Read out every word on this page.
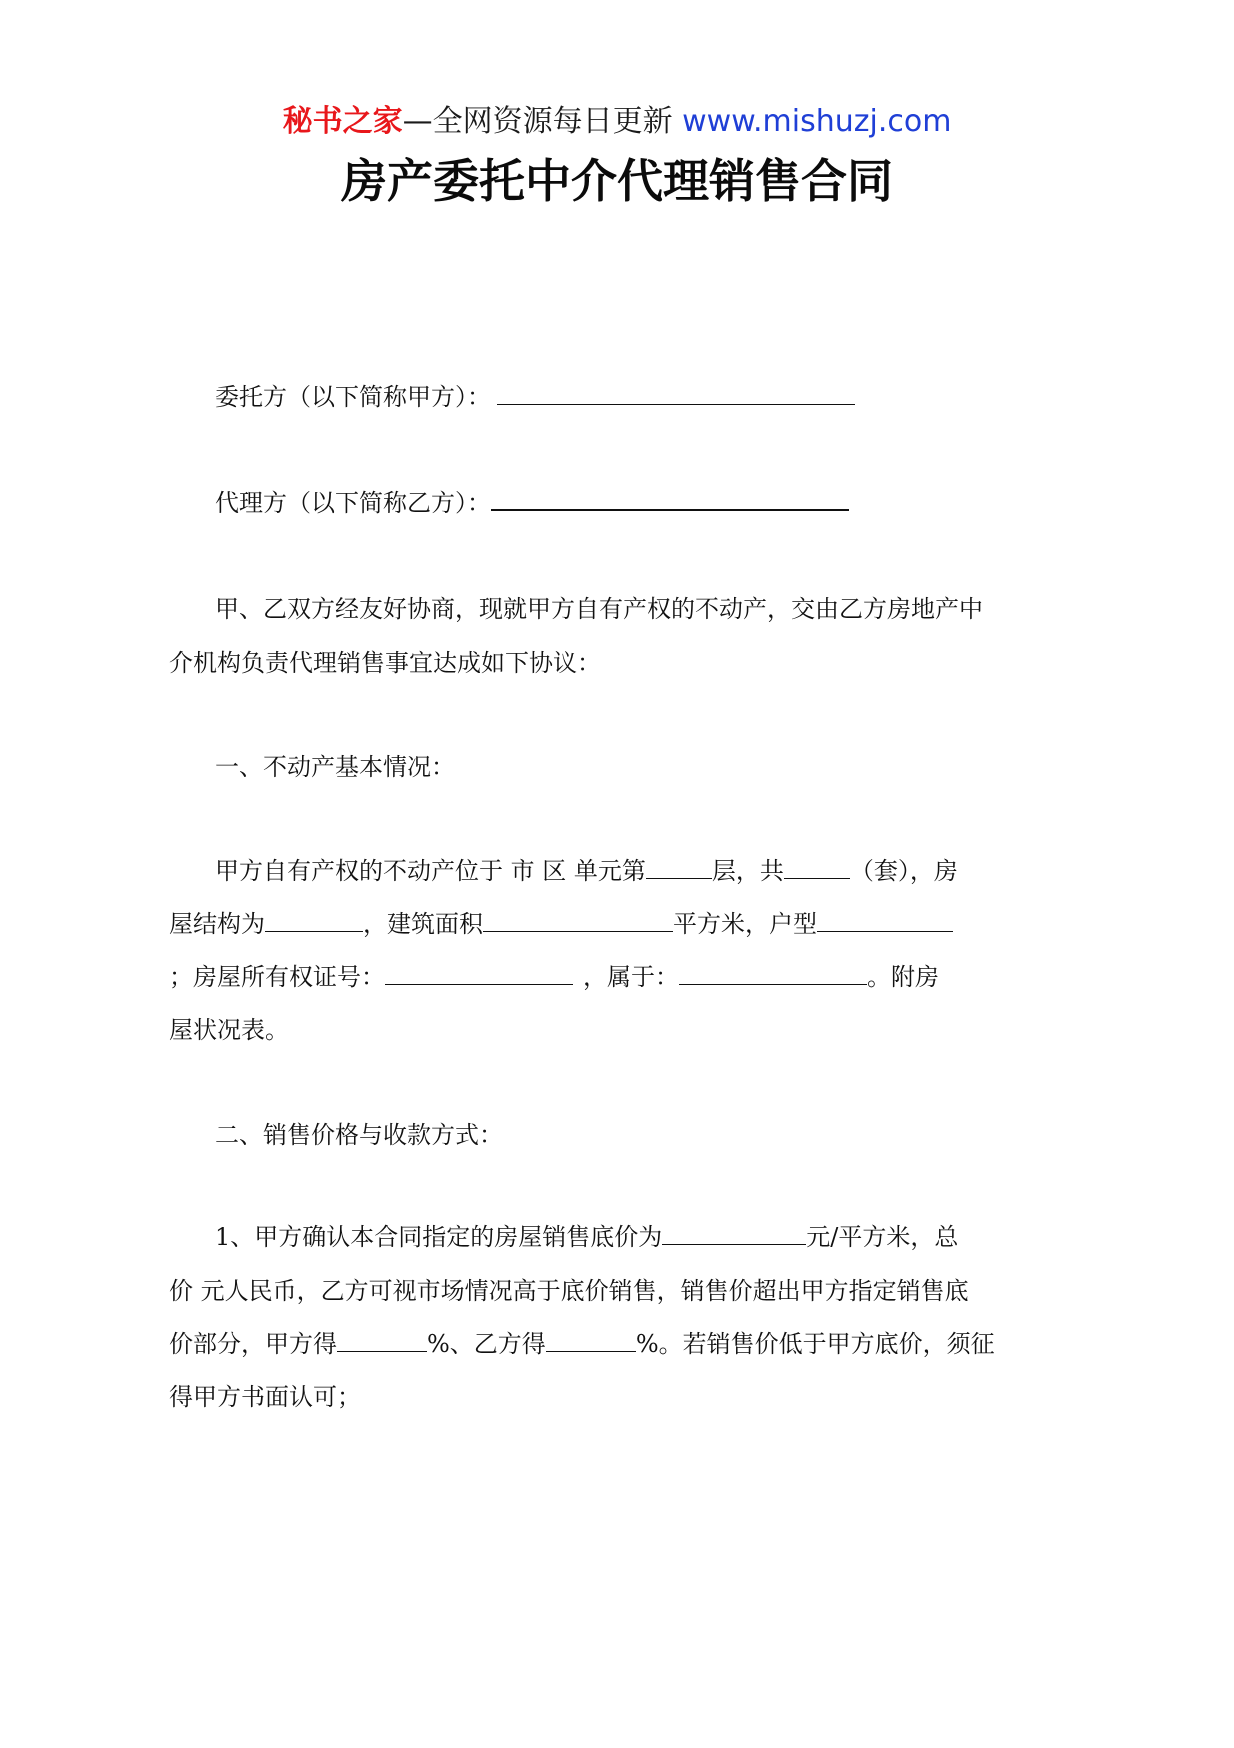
秘书之家—全网资源每日更新 www.mishuzj.com
房产委托中介代理销售合同
委托方（以下简称甲方）：
代理方（以下简称乙方）：
甲、乙双方经友好协商，现就甲方自有产权的不动产，交由乙方房地产中
介机构负责代理销售事宜达成如下协议：
一、不动产基本情况：
甲方自有产权的不动产位于 市 区 单元第	层，共	（套），房
屋结构为	，建筑面积	平方米，户型
；房屋所有权证号：	，属于：	。附房
屋状况表。
二、销售价格与收款方式：
1、甲方确认本合同指定的房屋销售底价为	元/平方米，总
价 元人民币，乙方可视市场情况高于底价销售，销售价超出甲方指定销售底
价部分，甲方得	%、乙方得	%。若销售价低于甲方底价，须征
得甲方书面认可；
